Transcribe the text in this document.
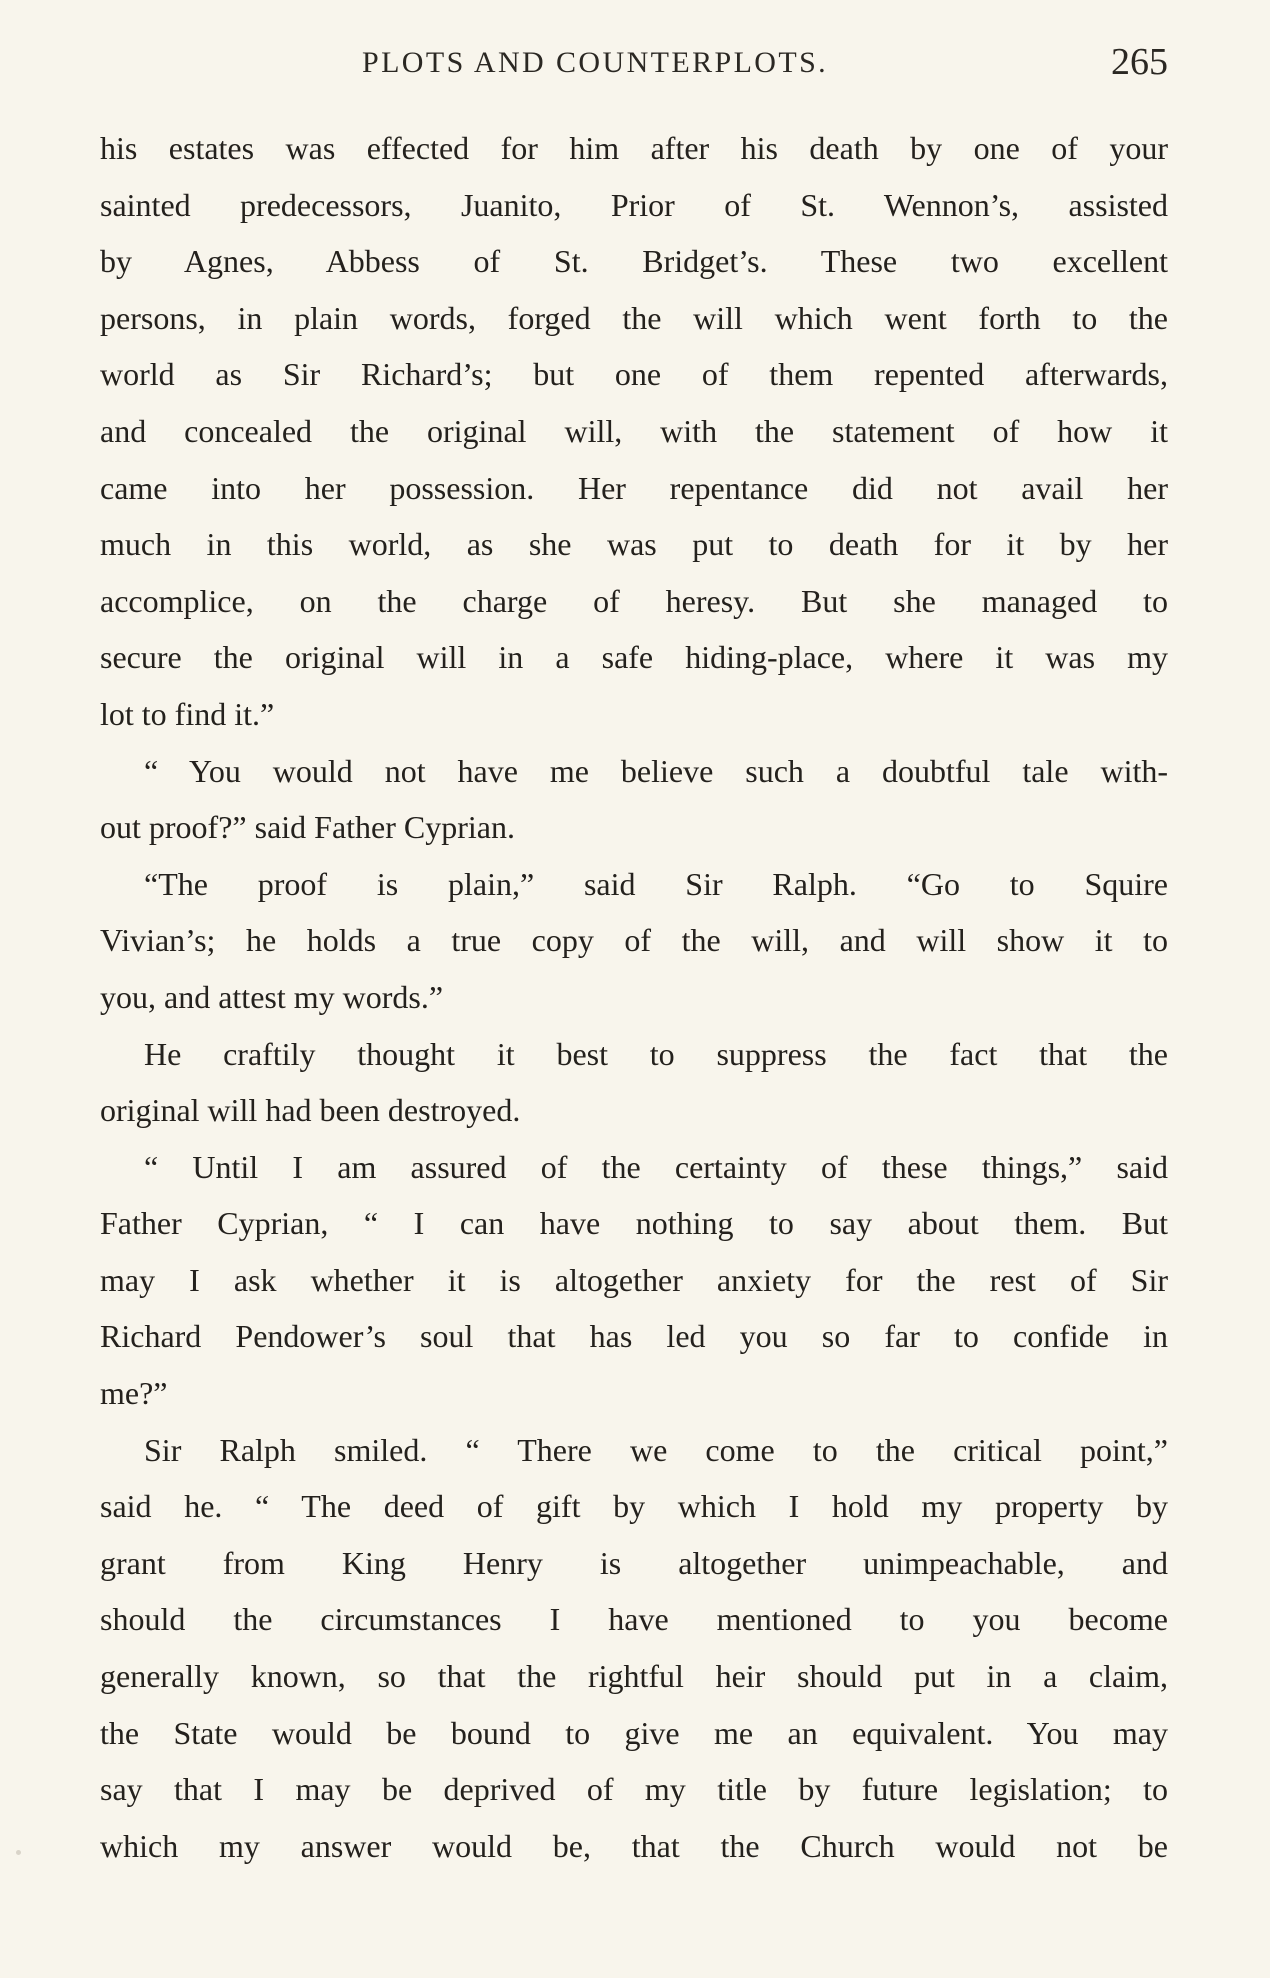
PLOTS AND COUNTERPLOTS.	265
his estates was effected for him after his death by one of your
sainted predecessors, Juanito, Prior of St. Wennon’s, assisted
by Agnes, Abbess of St. Bridget’s. These two excellent
persons, in plain words, forged the will which went forth to the
world as Sir Richard’s; but one of them repented afterwards,
and concealed the original will, with the statement of how it
came into her possession. Her repentance did not avail her
much in this world, as she was put to death for it by her
accomplice, on the charge of heresy. But she managed to
secure the original will in a safe hiding-place, where it was my
lot to find it.”
“ You would not have me believe such a doubtful tale with-
out proof?” said Father Cyprian.
“The proof is plain,” said Sir Ralph. “Go to Squire
Vivian’s; he holds a true copy of the will, and will show it to
you, and attest my words.”
He craftily thought it best to suppress the fact that the
original will had been destroyed.
“ Until I am assured of the certainty of these things,” said
Father Cyprian, “ I can have nothing to say about them. But
may I ask whether it is altogether anxiety for the rest of Sir
Richard Pendower’s soul that has led you so far to confide in
me?”
Sir Ralph smiled. “ There we come to the critical point,”
said he. “ The deed of gift by which I hold my property by
grant from King Henry is altogether unimpeachable, and
should the circumstances I have mentioned to you become
generally known, so that the rightful heir should put in a claim,
the State would be bound to give me an equivalent. You may
say that I may be deprived of my title by future legislation; to
which my answer would be, that the Church would not be
